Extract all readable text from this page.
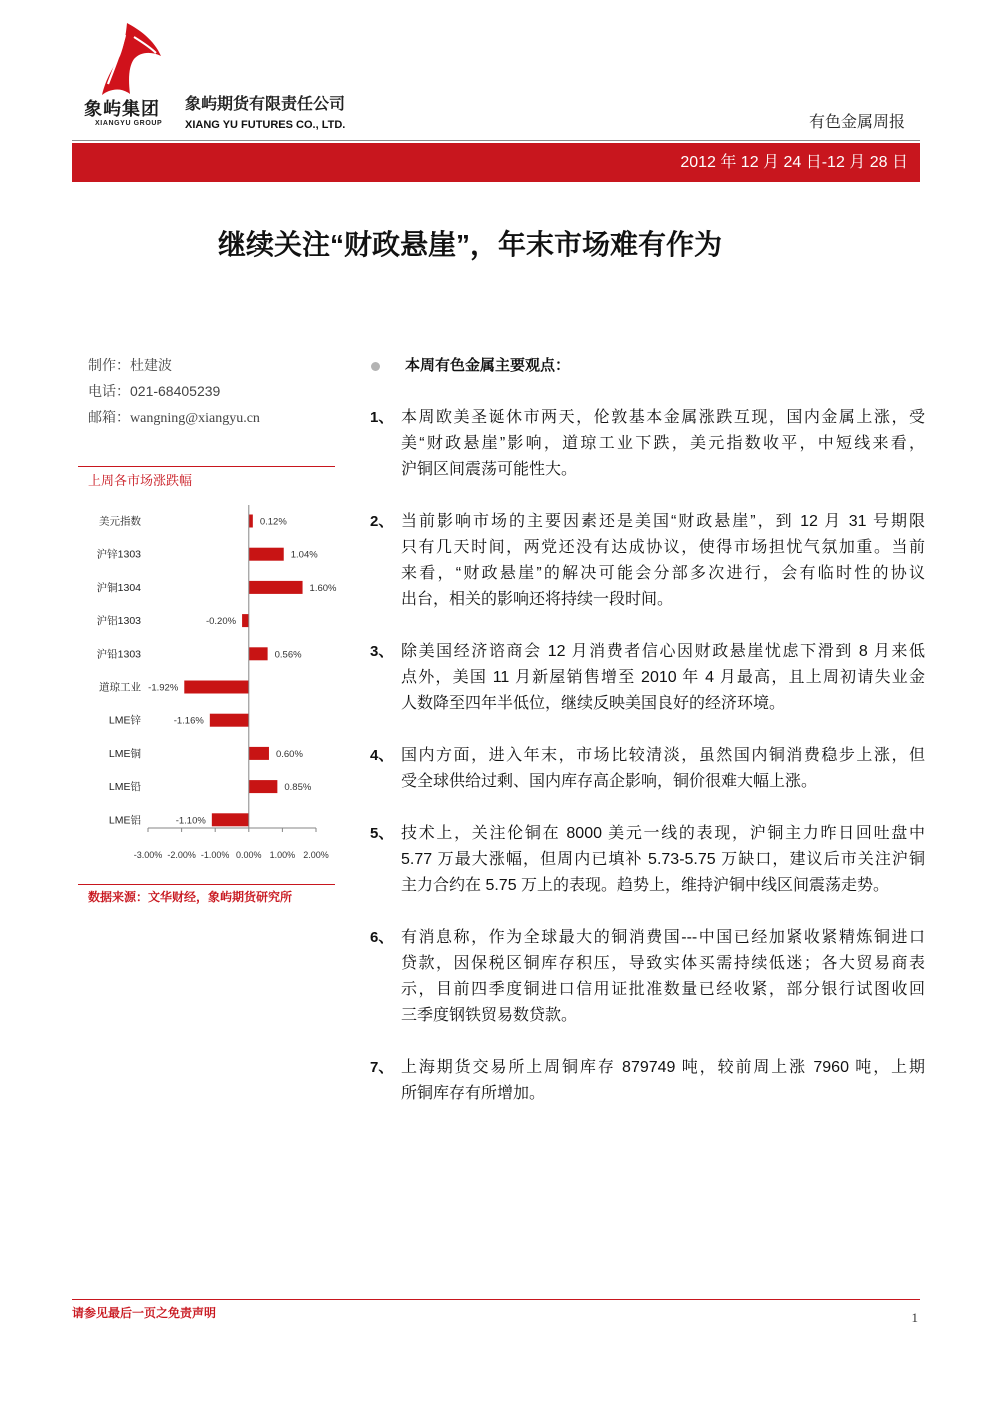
象屿集团
XIANGYU GROUP
象屿期货有限责任公司
XIANG YU FUTURES CO., LTD.	有色金属周报
2012 年 12 月 24 日-12 月 28 日
继续关注“财政悬崖”，年末市场难有作为
制作：杜建波
电话：021-68405239
邮箱：wangning@xiangyu.cn
上周各市场涨跌幅
美元指数	0.12%
沪锌1303	1.04%
沪铜1304	1.60%
沪铝1303	-0.20%
沪铅1303	0.56%
道琼工业 -1.92%
LME锌	-1.16%
LME铜	0.60%
LME铅	0.85%
LME铝	-1.10%
-3.00% -2.00% -1.00% 0.00% 1.00% 2.00%
数据来源：文华财经，象屿期货研究所
本周有色金属主要观点：
1、 本周欧美圣诞休市两天，伦敦基本金属涨跌互现，国内金属上涨，受
美“财政悬崖”影响，道琼工业下跌，美元指数收平，中短线来看，
沪铜区间震荡可能性大。
2、 当前影响市场的主要因素还是美国“财政悬崖”，到 12 月 31 号期限
只有几天时间，两党还没有达成协议，使得市场担忧气氛加重。当前
来看，“财政悬崖”的解决可能会分部多次进行，会有临时性的协议
出台，相关的影响还将持续一段时间。
3、 除美国经济谘商会 12 月消费者信心因财政悬崖忧虑下滑到 8 月来低
点外，美国 11 月新屋销售增至 2010 年 4 月最高，且上周初请失业金
人数降至四年半低位，继续反映美国良好的经济环境。
4、 国内方面，进入年末，市场比较清淡，虽然国内铜消费稳步上涨，但
受全球供给过剩、国内库存高企影响，铜价很难大幅上涨。
5、 技术上，关注伦铜在 8000 美元一线的表现，沪铜主力昨日回吐盘中
5.77 万最大涨幅，但周内已填补 5.73-5.75 万缺口，建议后市关注沪铜
主力合约在 5.75 万上的表现。趋势上，维持沪铜中线区间震荡走势。
6、 有消息称，作为全球最大的铜消费国---中国已经加紧收紧精炼铜进口
贷款，因保税区铜库存积压，导致实体买需持续低迷；各大贸易商表
示，目前四季度铜进口信用证批准数量已经收紧，部分银行试图收回
三季度钢铁贸易数贷款。
7、 上海期货交易所上周铜库存 879749 吨，较前周上涨 7960 吨，上期
所铜库存有所增加。
请参见最后一页之免责声明	1
